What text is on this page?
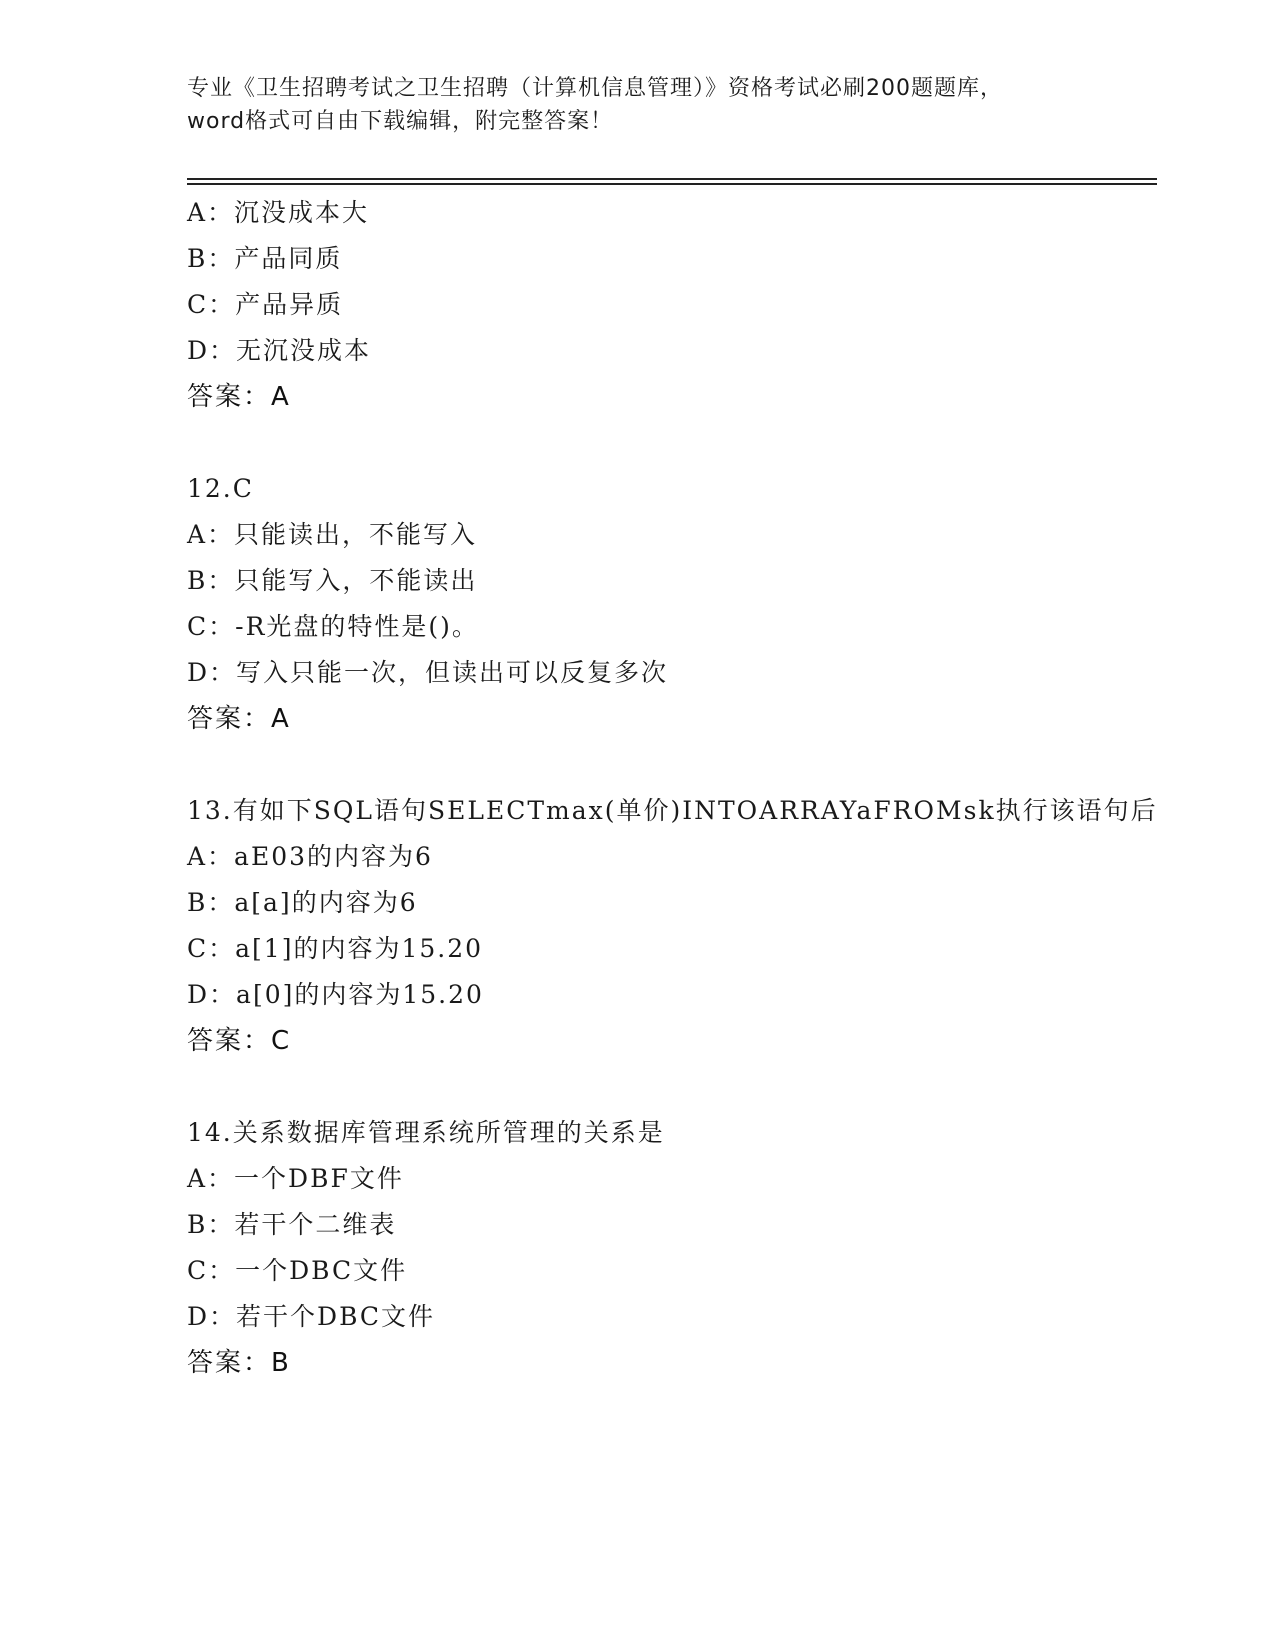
专业《卫生招聘考试之卫生招聘（计算机信息管理）》资格考试必刷200题题库，
word格式可自由下载编辑，附完整答案！
A：沉没成本大
B：产品同质
C：产品异质
D：无沉没成本
答案：A
12.C
A：只能读出，不能写入
B：只能写入，不能读出
C：-R光盘的特性是()。
D：写入只能一次，但读出可以反复多次
答案：A
13.有如下SQL语句SELECTmax(单价)INTOARRAYaFROMsk执行该语句后
A：aE03的内容为6
B：a[a]的内容为6
C：a[1]的内容为15.20
D：a[0]的内容为15.20
答案：C
14.关系数据库管理系统所管理的关系是
A：一个DBF文件
B：若干个二维表
C：一个DBC文件
D：若干个DBC文件
答案：B
